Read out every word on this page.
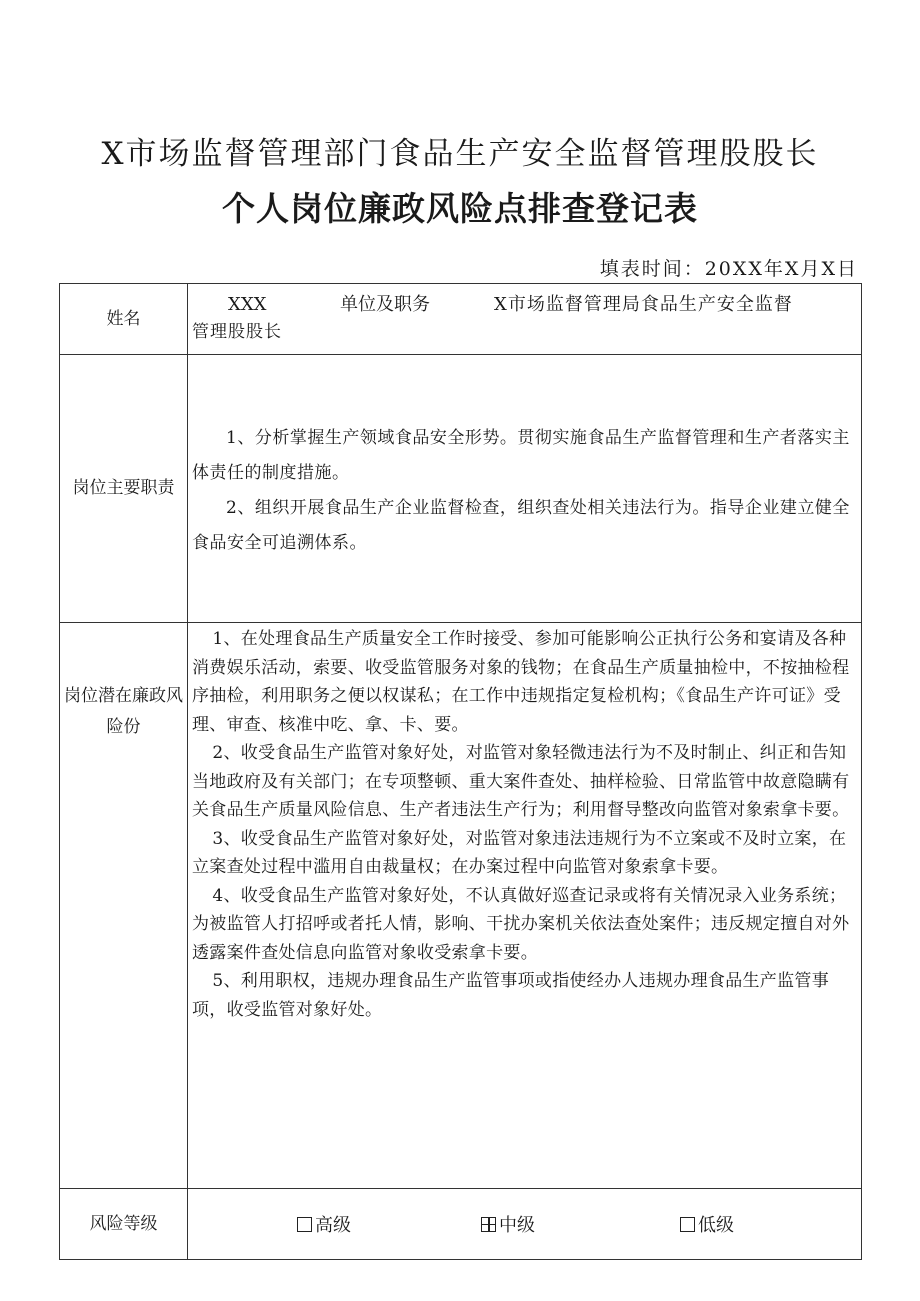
X市场监督管理部门食品生产安全监督管理股股长
个人岗位廉政风险点排查登记表
填表时间：20XX年X月X日
姓名	XXX 单位及职务 X市场监督管理局食品生产安全监督
管理股股长

岗位主要职责	1、分析掌握生产领域食品安全形势。贯彻实施食品生产监督管理和生产者落实主体责任的制度措施。

2、组织开展食品生产企业监督检查，组织查处相关违法行为。指导企业建立健全食品安全可追溯体系。

岗位潜在廉政风险份	1、在处理食品生产质量安全工作时接受、参加可能影响公正执行公务和宴请及各种消费娱乐活动，索要、收受监管服务对象的钱物；在食品生产质量抽检中，不按抽检程序抽检，利用职务之便以权谋私；在工作中违规指定复检机构；《食品生产许可证》受理、审查、核准中吃、拿、卡、要。

2、收受食品生产监管对象好处，对监管对象轻微违法行为不及时制止、纠正和告知当地政府及有关部门；在专项整顿、重大案件查处、抽样检验、日常监管中故意隐瞒有关食品生产质量风险信息、生产者违法生产行为；利用督导整改向监管对象索拿卡要。

3、收受食品生产监管对象好处，对监管对象违法违规行为不立案或不及时立案，在立案查处过程中滥用自由裁量权；在办案过程中向监管对象索拿卡要。

4、收受食品生产监管对象好处，不认真做好巡查记录或将有关情况录入业务系统；为被监管人打招呼或者托人情，影响、干扰办案机关依法查处案件；违反规定擅自对外透露案件查处信息向监管对象收受索拿卡要。

5、利用职权，违规办理食品生产监管事项或指使经办人违规办理食品生产监管事项，收受监管对象好处。

风险等级	高级 中级 低级
